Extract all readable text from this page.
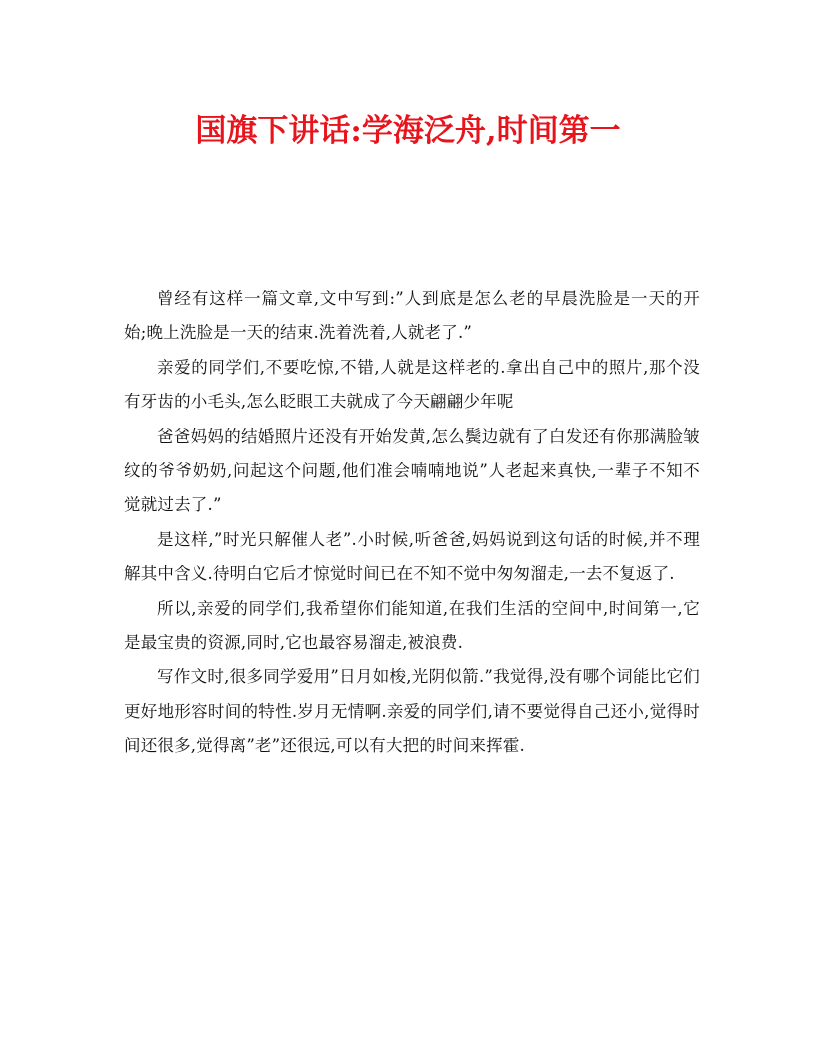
国旗下讲话:学海泛舟,时间第一

曾经有这样一篇文章,文中写到:”人到底是怎么老的早晨洗脸是一天的开始;晚上洗脸是一天的结束.洗着洗着,人就老了.”

亲爱的同学们,不要吃惊,不错,人就是这样老的.拿出自己中的照片,那个没有牙齿的小毛头,怎么眨眼工夫就成了今天翩翩少年呢

爸爸妈妈的结婚照片还没有开始发黄,怎么鬓边就有了白发还有你那满脸皱纹的爷爷奶奶,问起这个问题,他们准会喃喃地说”人老起来真快,一辈子不知不觉就过去了.”

是这样,”时光只解催人老”.小时候,听爸爸,妈妈说到这句话的时候,并不理解其中含义.待明白它后才惊觉时间已在不知不觉中匆匆溜走,一去不复返了.

所以,亲爱的同学们,我希望你们能知道,在我们生活的空间中,时间第一,它是最宝贵的资源,同时,它也最容易溜走,被浪费.

写作文时,很多同学爱用”日月如梭,光阴似箭.”我觉得,没有哪个词能比它们更好地形容时间的特性.岁月无情啊.亲爱的同学们,请不要觉得自己还小,觉得时间还很多,觉得离”老”还很远,可以有大把的时间来挥霍.
